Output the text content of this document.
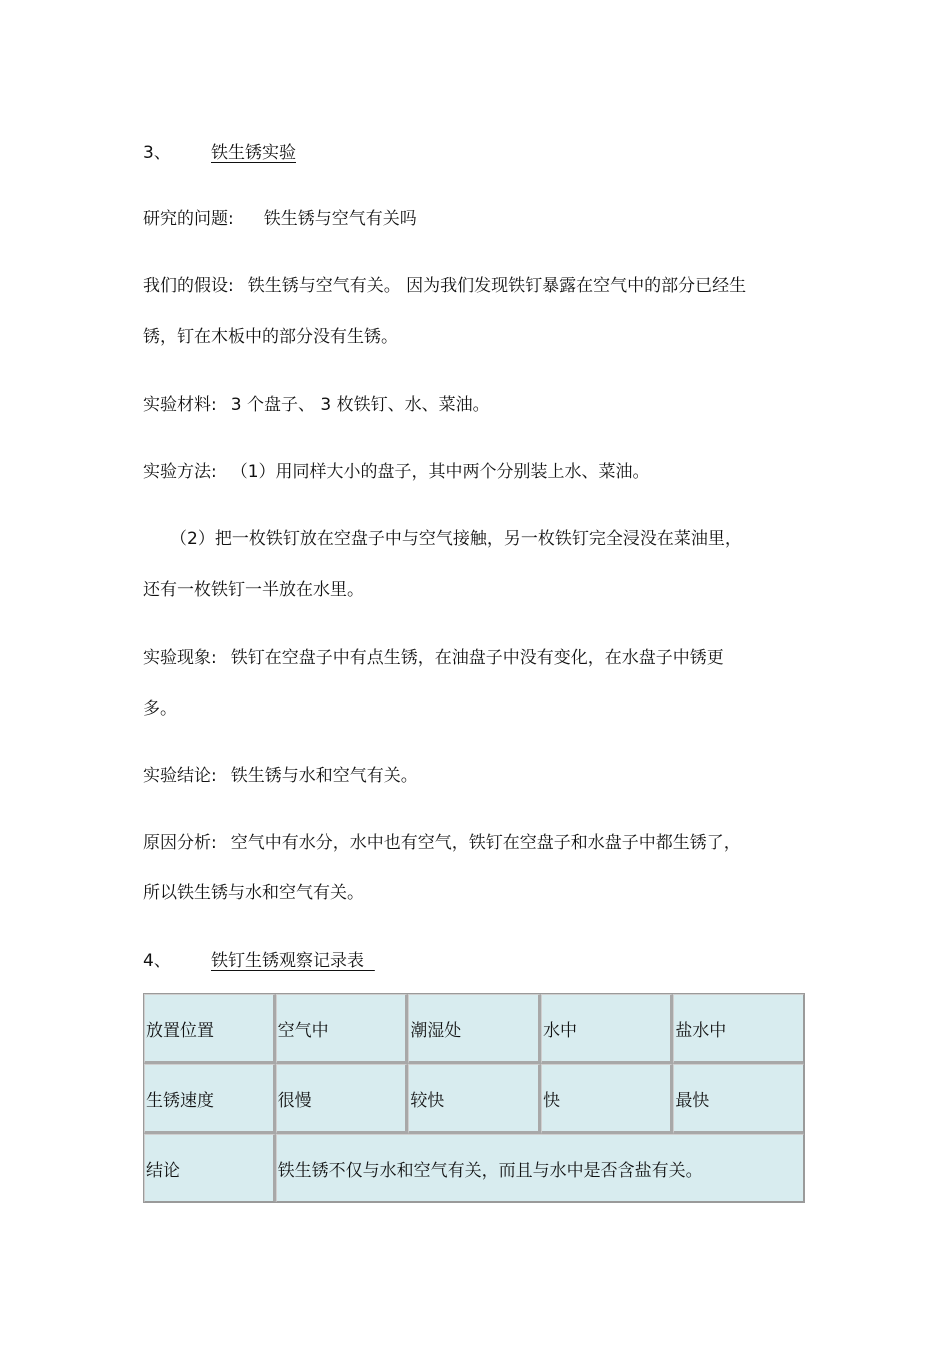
3、 铁生锈实验
研究的问题: 铁生锈与空气有关吗
我们的假设: 铁生锈与空气有关。 因为我们发现铁钉暴露在空气中的部分已经生
锈，钉在木板中的部分没有生锈。
实验材料: 3 个盘子、 3 枚铁钉、水、菜油。
实验方法: （1）用同样大小的盘子，其中两个分别装上水、菜油。
（2）把一枚铁钉放在空盘子中与空气接触，另一枚铁钉完全浸没在菜油里，
还有一枚铁钉一半放在水里。
实验现象: 铁钉在空盘子中有点生锈，在油盘子中没有变化，在水盘子中锈更
多。
实验结论: 铁生锈与水和空气有关。
原因分析: 空气中有水分，水中也有空气，铁钉在空盘子和水盘子中都生锈了，
所以铁生锈与水和空气有关。
4、 铁钉生锈观察记录表
放置位置	空气中	潮湿处	水中	盐水中
生锈速度	很慢	较快	快	最快
结论	铁生锈不仅与水和空气有关，而且与水中是否含盐有关。			
